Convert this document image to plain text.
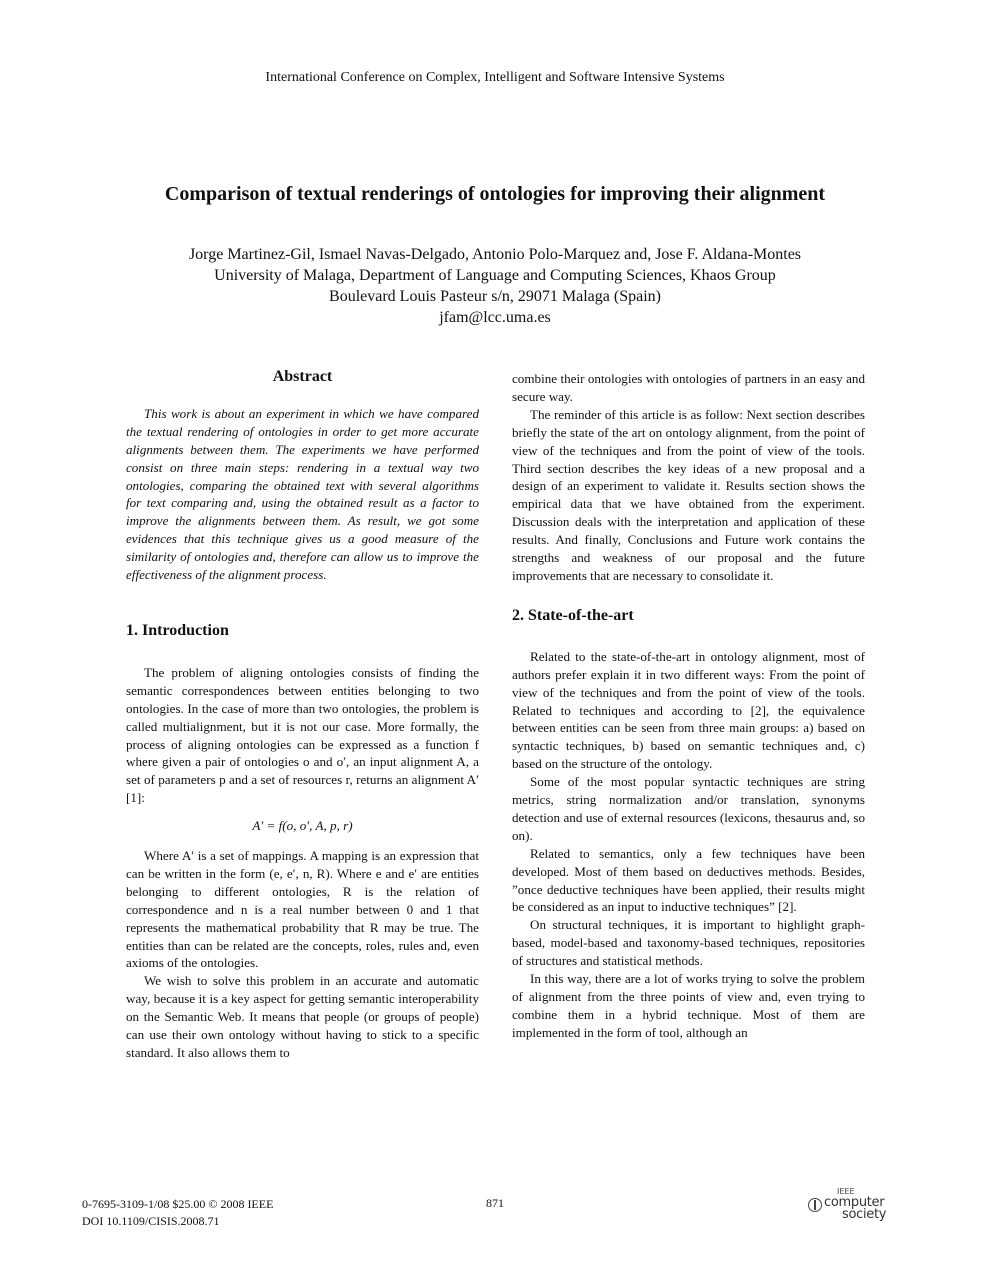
International Conference on Complex, Intelligent and Software Intensive Systems
Comparison of textual renderings of ontologies for improving their alignment
Jorge Martinez-Gil, Ismael Navas-Delgado, Antonio Polo-Marquez and, Jose F. Aldana-Montes
University of Malaga, Department of Language and Computing Sciences, Khaos Group
Boulevard Louis Pasteur s/n, 29071 Malaga (Spain)
jfam@lcc.uma.es
Abstract

This work is about an experiment in which we have compared the textual rendering of ontologies in order to get more accurate alignments between them. The experiments we have performed consist on three main steps: rendering in a textual way two ontologies, comparing the obtained text with several algorithms for text comparing and, using the obtained result as a factor to improve the alignments between them. As result, we got some evidences that this technique gives us a good measure of the similarity of ontologies and, therefore can allow us to improve the effectiveness of the alignment process.

1. Introduction

The problem of aligning ontologies consists of finding the semantic correspondences between entities belonging to two ontologies. In the case of more than two ontologies, the problem is called multialignment, but it is not our case. More formally, the process of aligning ontologies can be expressed as a function f where given a pair of ontologies o and o′, an input alignment A, a set of parameters p and a set of resources r, returns an alignment A′ [1]:

A′ = f(o, o′, A, p, r)

Where A′ is a set of mappings. A mapping is an expression that can be written in the form (e, e′, n, R). Where e and e′ are entities belonging to different ontologies, R is the relation of correspondence and n is a real number between 0 and 1 that represents the mathematical probability that R may be true. The entities than can be related are the concepts, roles, rules and, even axioms of the ontologies.

We wish to solve this problem in an accurate and automatic way, because it is a key aspect for getting semantic interoperability on the Semantic Web. It means that people (or groups of people) can use their own ontology without having to stick to a specific standard. It also allows them to

combine their ontologies with ontologies of partners in an easy and secure way.

The reminder of this article is as follow: Next section describes briefly the state of the art on ontology alignment, from the point of view of the techniques and from the point of view of the tools. Third section describes the key ideas of a new proposal and a design of an experiment to validate it. Results section shows the empirical data that we have obtained from the experiment. Discussion deals with the interpretation and application of these results. And finally, Conclusions and Future work contains the strengths and weakness of our proposal and the future improvements that are necessary to consolidate it.

2. State-of-the-art

Related to the state-of-the-art in ontology alignment, most of authors prefer explain it in two different ways: From the point of view of the techniques and from the point of view of the tools. Related to techniques and according to [2], the equivalence between entities can be seen from three main groups: a) based on syntactic techniques, b) based on semantic techniques and, c) based on the structure of the ontology.

Some of the most popular syntactic techniques are string metrics, string normalization and/or translation, synonyms detection and use of external resources (lexicons, thesaurus and, so on).

Related to semantics, only a few techniques have been developed. Most of them based on deductives methods. Besides, ”once deductive techniques have been applied, their results might be considered as an input to inductive techniques” [2].

On structural techniques, it is important to highlight graph-based, model-based and taxonomy-based techniques, repositories of structures and statistical methods.

In this way, there are a lot of works trying to solve the problem of alignment from the three points of view and, even trying to combine them in a hybrid technique. Most of them are implemented in the form of tool, although an

0-7695-3109-1/08 $25.00 © 2008 IEEE
DOI 10.1109/CISIS.2008.71
871
IEEE
computer
society
